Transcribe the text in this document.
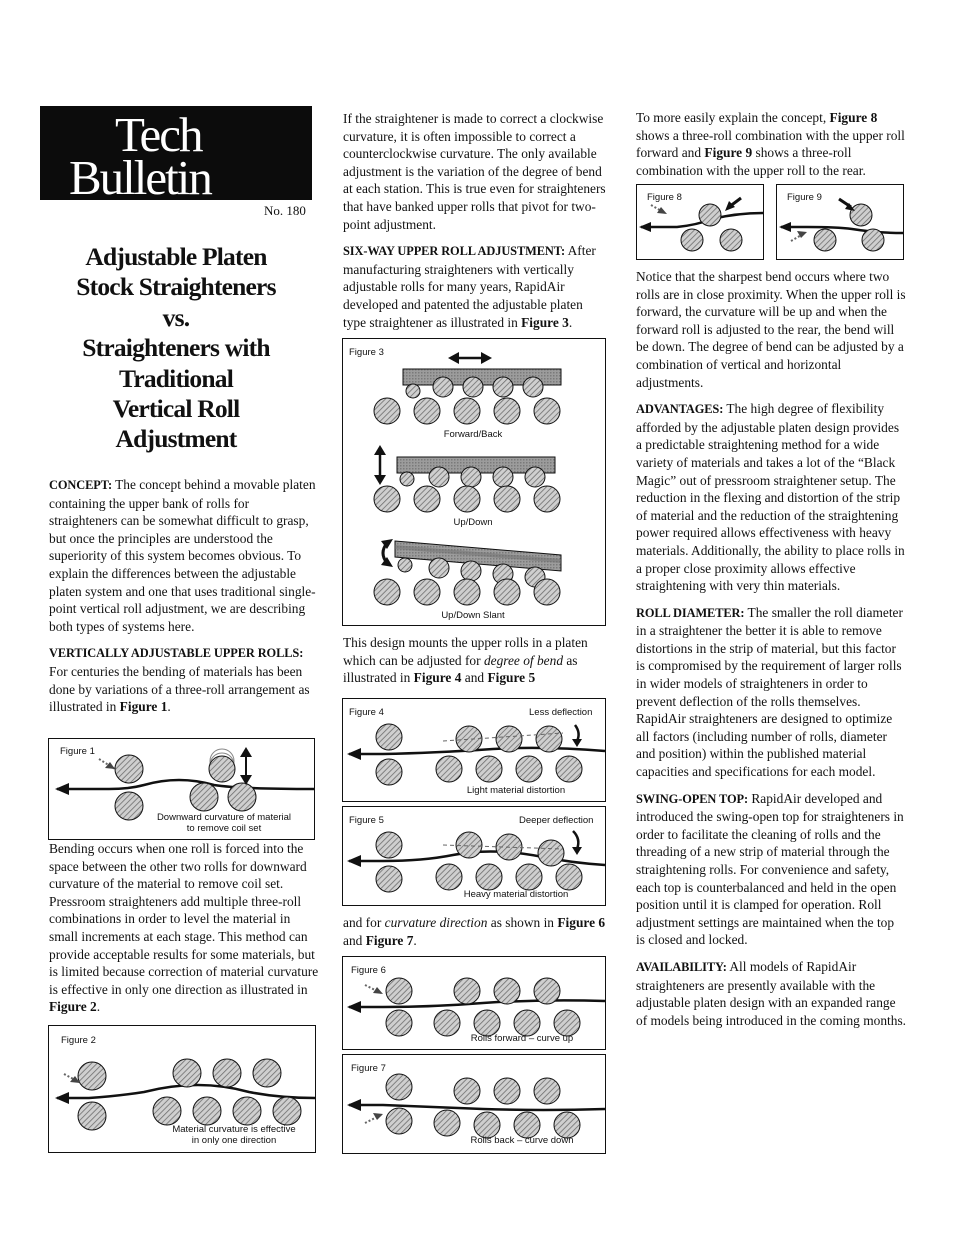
Tech
Bulletin
No. 180
Adjustable Platen
Stock Straighteners
vs.
Straighteners with
Traditional
Vertical Roll
Adjustment

CONCEPT: The concept behind a movable platen containing the upper bank of rolls for straighteners can be somewhat difficult to grasp, but once the principles are understood the superiority of this system becomes obvious. To explain the differences between the adjustable platen system and one that uses traditional single-point vertical roll adjustment, we are describing both types of systems here.

VERTICALLY ADJUSTABLE UPPER ROLLS: For centuries the bending of materials has been done by variations of a three-roll arrangement as illustrated in Figure 1.

Bending occurs when one roll is forced into the space between the other two rolls for downward curvature of the material to remove coil set. Pressroom straighteners add multiple three-roll combinations in order to level the material in small increments at each stage. This method can provide acceptable results for some materials, but is limited because correction of material curvature is effective in only one direction as illustrated in Figure 2.

If the straightener is made to correct a clockwise curvature, it is often impossible to correct a counterclockwise curvature. The only available adjustment is the variation of the degree of bend at each station. This is true even for straighteners that have banked upper rolls that pivot for two-point adjustment.

SIX-WAY UPPER ROLL ADJUSTMENT: After manufacturing straighteners with vertically adjustable rolls for many years, RapidAir developed and patented the adjustable platen type straightener as illustrated in Figure 3.

This design mounts the upper rolls in a platen which can be adjusted for degree of bend as illustrated in Figure 4 and Figure 5

and for curvature direction as shown in Figure 6 and Figure 7.

To more easily explain the concept, Figure 8 shows a three-roll combination with the upper roll forward and Figure 9 shows a three-roll combination with the upper roll to the rear.

Notice that the sharpest bend occurs where two rolls are in close proximity. When the upper roll is forward, the curvature will be up and when the forward roll is adjusted to the rear, the bend will be down. The degree of bend can be adjusted by a combination of vertical and horizontal adjustments.

ADVANTAGES: The high degree of flexibility afforded by the adjustable platen design provides a predictable straightening method for a wide variety of materials and takes a lot of the “Black Magic” out of pressroom straightener setup. The reduction in the flexing and distortion of the strip of material and the reduction of the straightening power required allows effectiveness with heavy materials. Additionally, the ability to place rolls in a proper close proximity allows effective straightening with very thin materials.

ROLL DIAMETER: The smaller the roll diameter in a straightener the better it is able to remove distortions in the strip of material, but this factor is compromised by the requirement of larger rolls in wider models of straighteners in order to prevent deflection of the rolls themselves. RapidAir straighteners are designed to optimize all factors (including number of rolls, diameter and position) within the published material capacities and specifications for each model.

SWING-OPEN TOP: RapidAir developed and introduced the swing-open top for straighteners in order to facilitate the cleaning of rolls and the threading of a new strip of material through the straightening rolls. For convenience and safety, each top is counterbalanced and held in the open position until it is clamped for operation. Roll adjustment settings are maintained when the top is closed and locked.

AVAILABILITY: All models of RapidAir straighteners are presently available with the adjustable platen design with an expanded range of models being introduced in the coming months.

Figure 1
Downward curvature of material
to remove coil set
Figure 2
Material curvature is effective
in only one direction
Figure 3
Forward/Back
Up/Down
Up/Down Slant
Figure 4	Less deflection
Light material distortion
Figure 5	Deeper deflection
Heavy material distortion
Figure 6
Rolls forward – curve up
Figure 7
Rolls back – curve down
Figure 8	Figure 9
